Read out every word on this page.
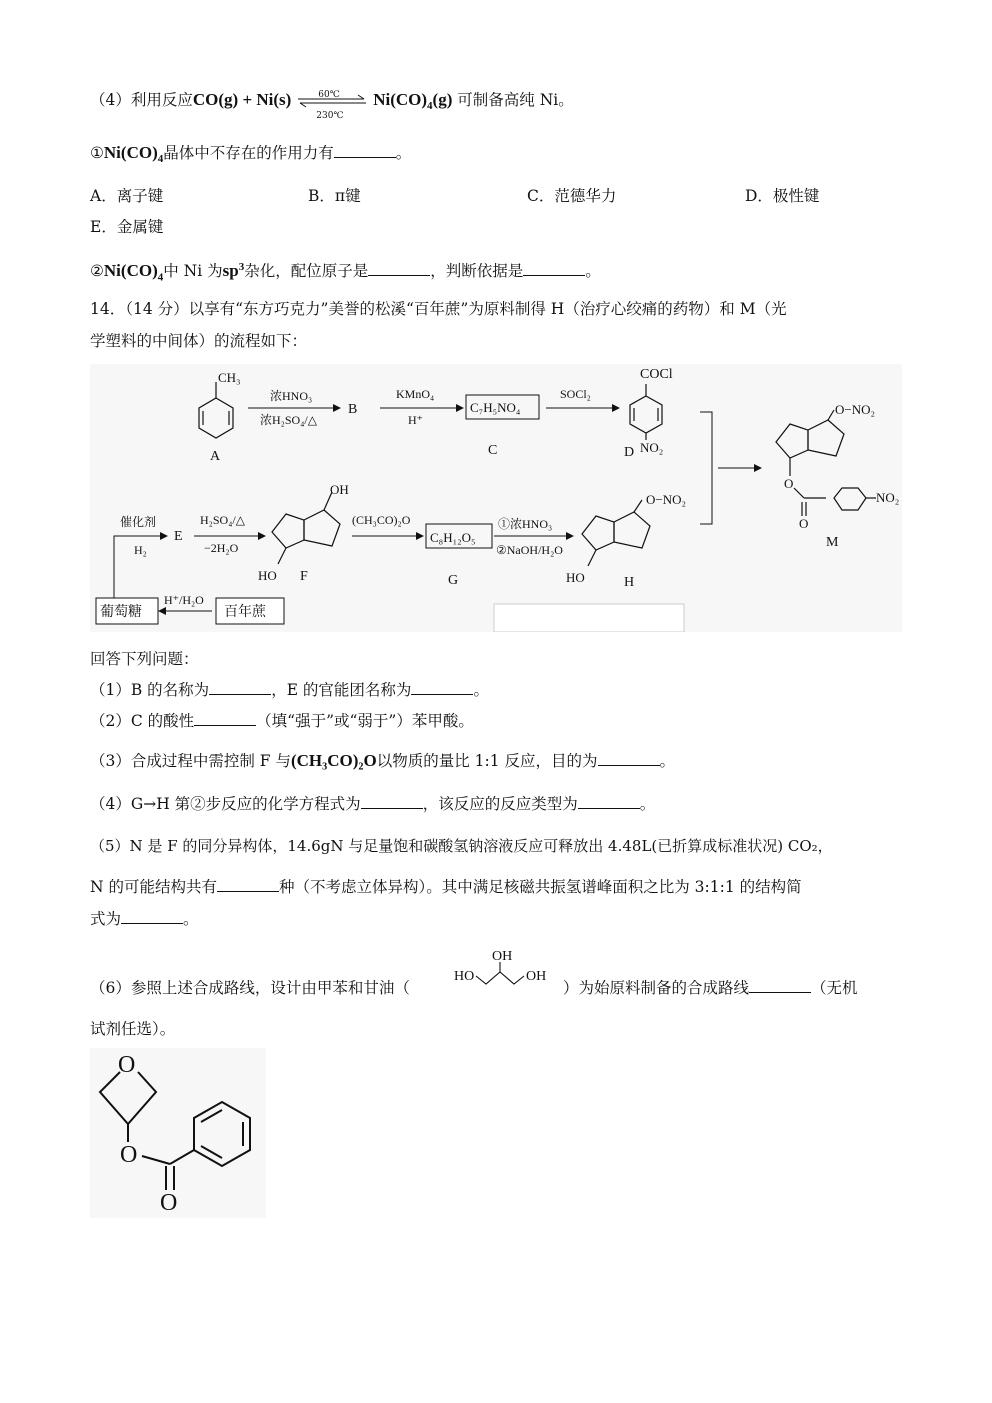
（4）利用反应CO(g) + Ni(s)	60℃
230℃
$Ni(CO)_4(g)$ 可制备高纯 Ni。
$①Ni(CO)_4$晶体中不存在的作用力有	。
A．离子键	B．π键	C．范德华力	D．极性键
E．金属键
$②Ni(CO)_4$中 Ni 为$sp^3$杂化，配位原子是	，判断依据是	。
14．（14 分）以享有“东方巧克力”美誉的松溪“百年蔗”为原料制得 H（治疗心绞痛的药物）和 M（光
学塑料的中间体）的流程如下：
CH₃
A
浓HNO₃
浓H₂SO₄/△
B
KMnO₄
H⁺
C₇H₅NO₄
C
SOCl₂
COCl
NO₂
D
O−NO₂
O
O
NO₂
M
葡萄糖	百年蔗
H⁺/H₂O
催化剂
H₂
E
H₂SO₄/△
−2H₂O
OH
HO F
(CH₃CO)₂O
C₈H₁₂O₅
G
①浓HNO₃
②NaOH/H₂O
O−NO₂
HO	H
回答下列问题：
（1）B 的名称为	，E 的官能团名称为	。
（2）C 的酸性	（填“强于”或“弱于”）苯甲酸。
（3）合成过程中需控制 F 与(CH₃CO)₂O以物质的量比 1:1 反应，目的为	。
（4）G→H 第②步反应的化学方程式为	，该反应的反应类型为	。
（5）N 是 F 的同分异构体，14.6gN 与足量饱和碳酸氢钠溶液反应可释放出 4.48L(已折算成标准状况) CO₂，
N 的可能结构共有	种（不考虑立体异构）。其中满足核磁共振氢谱峰面积之比为 3:1:1 的结构简
式为	。
（6）参照上述合成路线，设计由甲苯和甘油（
HO
OH
OH
）为始原料制备的合成路线	（无机
试剂任选）。
O
O
O
